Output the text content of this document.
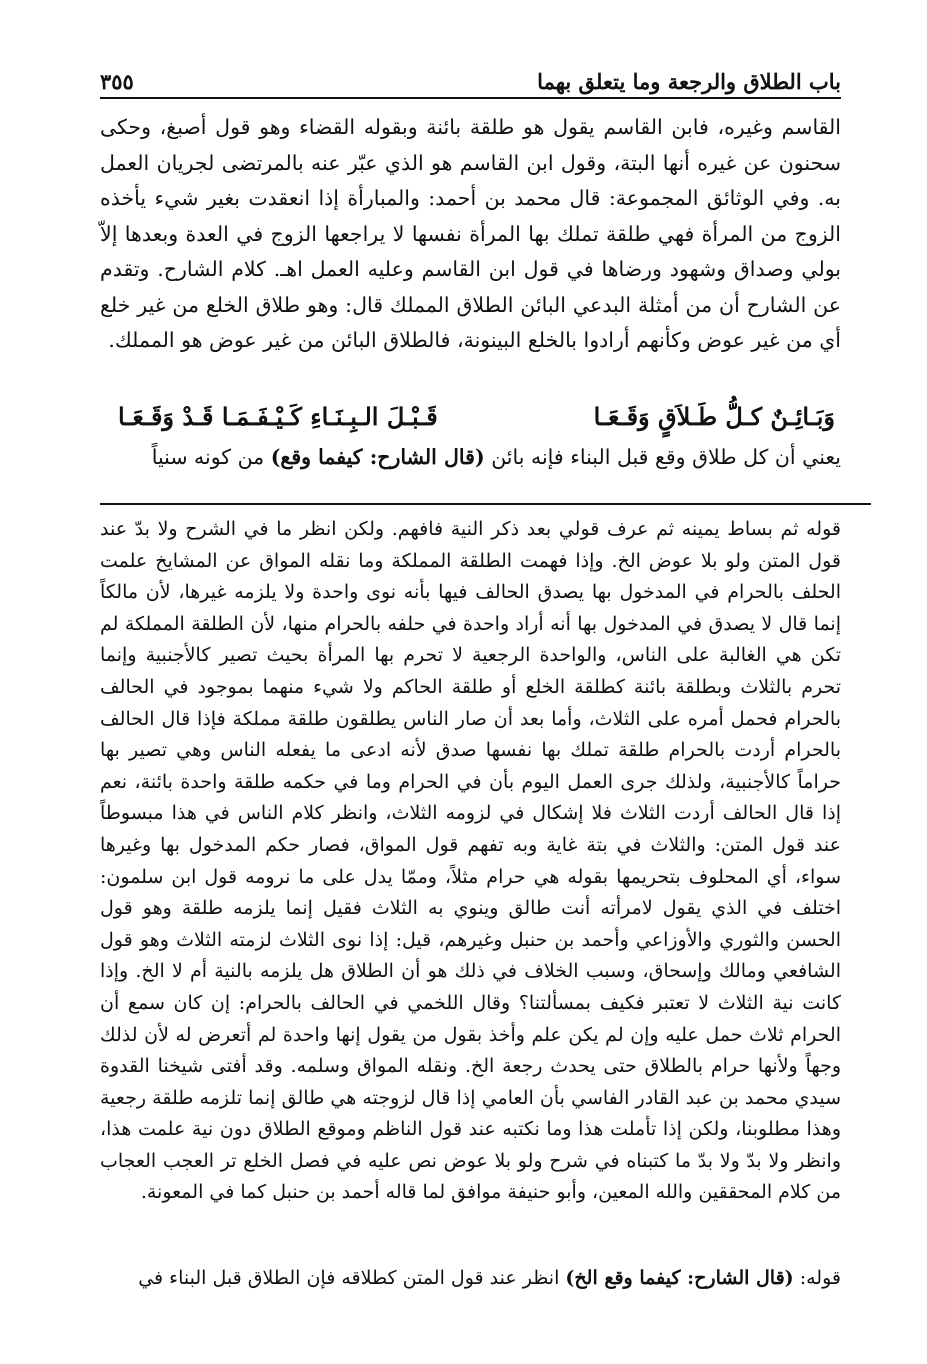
باب الطلاق والرجعة وما يتعلق بهما
٣٥٥

القاسم وغيره، فابن القاسم يقول هو طلقة بائنة وبقوله القضاء وهو قول أصبغ، وحكى سحنون عن غيره أنها البتة، وقول ابن القاسم هو الذي عبّر عنه بالمرتضى لجريان العمل به. وفي الوثائق المجموعة: قال محمد بن أحمد: والمبارأة إذا انعقدت بغير شيء يأخذه الزوج من المرأة فهي طلقة تملك بها المرأة نفسها لا يراجعها الزوج في العدة وبعدها إلاّ بولي وصداق وشهود ورضاها في قول ابن القاسم وعليه العمل اهـ. كلام الشارح. وتقدم عن الشارح أن من أمثلة البدعي البائن الطلاق المملك قال: وهو طلاق الخلع من غير خلع أي من غير عوض وكأنهم أرادوا بالخلع البينونة، فالطلاق البائن من غير عوض هو المملك.

وَبَـائِـنٌ كـلُّ طَـلاَقٍ وَقَـعَـا
قَـبْـلَ الـبِـنَـاءِ كَـيْـفَـمَـا قَـدْ وَقَـعَـا

يعني أن كل طلاق وقع قبل البناء فإنه بائن (قال الشارح: كيفما وقع) من كونه سنياً

قوله ثم بساط يمينه ثم عرف قولي بعد ذكر النية فافهم. ولكن انظر ما في الشرح ولا بدّ عند قول المتن ولو بلا عوض الخ. وإذا فهمت الطلقة المملكة وما نقله المواق عن المشايخ علمت الحلف بالحرام في المدخول بها يصدق الحالف فيها بأنه نوى واحدة ولا يلزمه غيرها، لأن مالكاً إنما قال لا يصدق في المدخول بها أنه أراد واحدة في حلفه بالحرام منها، لأن الطلقة المملكة لم تكن هي الغالبة على الناس، والواحدة الرجعية لا تحرم بها المرأة بحيث تصير كالأجنبية وإنما تحرم بالثلاث وبطلقة بائنة كطلقة الخلع أو طلقة الحاكم ولا شيء منهما بموجود في الحالف بالحرام فحمل أمره على الثلاث، وأما بعد أن صار الناس يطلقون طلقة مملكة فإذا قال الحالف بالحرام أردت بالحرام طلقة تملك بها نفسها صدق لأنه ادعى ما يفعله الناس وهي تصير بها حراماً كالأجنبية، ولذلك جرى العمل اليوم بأن في الحرام وما في حكمه طلقة واحدة بائنة، نعم إذا قال الحالف أردت الثلاث فلا إشكال في لزومه الثلاث، وانظر كلام الناس في هذا مبسوطاً عند قول المتن: والثلاث في بتة غاية وبه تفهم قول المواق، فصار حكم المدخول بها وغيرها سواء، أي المحلوف بتحريمها بقوله هي حرام مثلاً، وممّا يدل على ما نرومه قول ابن سلمون: اختلف في الذي يقول لامرأته أنت طالق وينوي به الثلاث فقيل إنما يلزمه طلقة وهو قول الحسن والثوري والأوزاعي وأحمد بن حنبل وغيرهم، قيل: إذا نوى الثلاث لزمته الثلاث وهو قول الشافعي ومالك وإسحاق، وسبب الخلاف في ذلك هو أن الطلاق هل يلزمه بالنية أم لا الخ. وإذا كانت نية الثلاث لا تعتبر فكيف بمسألتنا؟ وقال اللخمي في الحالف بالحرام: إن كان سمع أن الحرام ثلاث حمل عليه وإن لم يكن علم وأخذ بقول من يقول إنها واحدة لم أتعرض له لأن لذلك وجهاً ولأنها حرام بالطلاق حتى يحدث رجعة الخ. ونقله المواق وسلمه. وقد أفتى شيخنا القدوة سيدي محمد بن عبد القادر الفاسي بأن العامي إذا قال لزوجته هي طالق إنما تلزمه طلقة رجعية وهذا مطلوبنا، ولكن إذا تأملت هذا وما نكتبه عند قول الناظم وموقع الطلاق دون نية علمت هذا، وانظر ولا بدّ ولا بدّ ما كتبناه في شرح ولو بلا عوض نص عليه في فصل الخلع تر العجب العجاب من كلام المحققين والله المعين، وأبو حنيفة موافق لما قاله أحمد بن حنبل كما في المعونة.

قوله: (قال الشارح: كيفما وقع الخ) انظر عند قول المتن كطلاقه فإن الطلاق قبل البناء في
